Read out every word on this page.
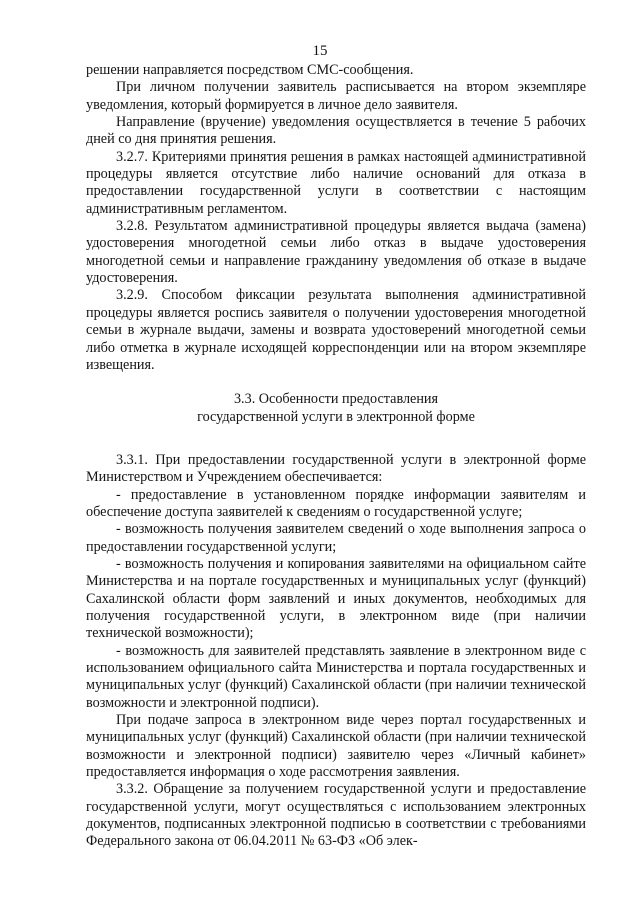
15

решении направляется посредством СМС-сообщения.

При личном получении заявитель расписывается на втором экземпляре уведомления, который формируется в личное дело заявителя.

Направление (вручение) уведомления осуществляется в течение 5 рабочих дней со дня принятия решения.

3.2.7. Критериями принятия решения в рамках настоящей административной процедуры является отсутствие либо наличие оснований для отказа в предоставлении государственной услуги в соответствии с настоящим административным регламентом.

3.2.8. Результатом административной процедуры является выдача (замена) удостоверения многодетной семьи либо отказ в выдаче удостоверения многодетной семьи и направление гражданину уведомления об отказе в выдаче удостоверения.

3.2.9. Способом фиксации результата выполнения административной процедуры является роспись заявителя о получении удостоверения многодетной семьи в журнале выдачи, замены и возврата удостоверений многодетной семьи либо отметка в журнале исходящей корреспонденции или на втором экземпляре извещения.

3.3. Особенности предоставления
государственной услуги в электронной форме

3.3.1. При предоставлении государственной услуги в электронной форме Министерством и Учреждением обеспечивается:

- предоставление в установленном порядке информации заявителям и обеспечение доступа заявителей к сведениям о государственной услуге;

- возможность получения заявителем сведений о ходе выполнения запроса о предоставлении государственной услуги;

- возможность получения и копирования заявителями на официальном сайте Министерства и на портале государственных и муниципальных услуг (функций) Сахалинской области форм заявлений и иных документов, необходимых для получения государственной услуги, в электронном виде (при наличии технической возможности);

- возможность для заявителей представлять заявление в электронном виде с использованием официального сайта Министерства и портала государственных и муниципальных услуг (функций) Сахалинской области (при наличии технической возможности и электронной подписи).

При подаче запроса в электронном виде через портал государственных и муниципальных услуг (функций) Сахалинской области (при наличии технической возможности и электронной подписи) заявителю через «Личный кабинет» предоставляется информация о ходе рассмотрения заявления.

3.3.2. Обращение за получением государственной услуги и предоставление государственной услуги, могут осуществляться с использованием электронных документов, подписанных электронной подписью в соответствии с требованиями Федерального закона от 06.04.2011 № 63-ФЗ «Об элек-
